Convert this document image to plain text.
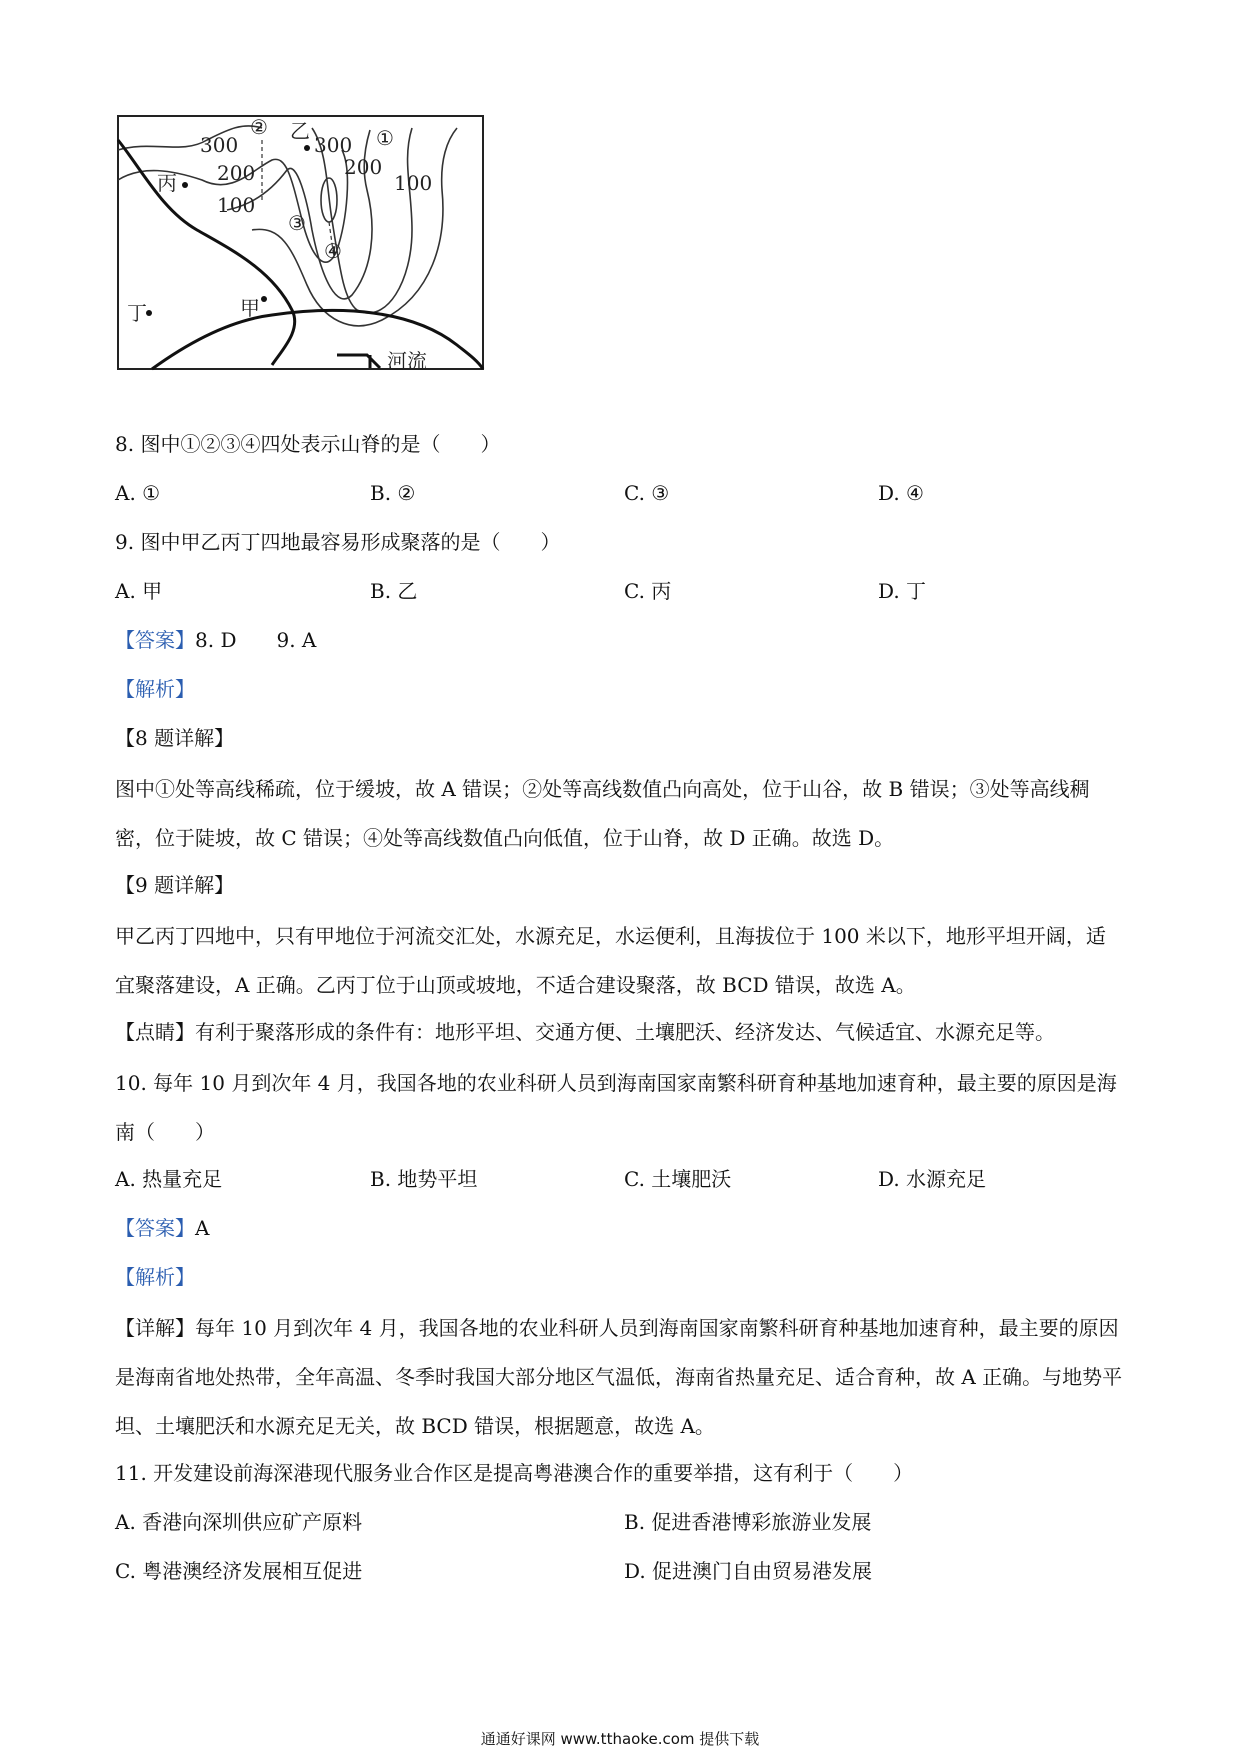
300	300
200	200
100
100
①
②
③
④
乙
丙
丁	甲
河流
8. 图中①②③④四处表示山脊的是（　　）
A. ①	B. ②	C. ③	D. ④
9. 图中甲乙丙丁四地最容易形成聚落的是（　　）
A. 甲	B. 乙	C. 丙	D. 丁
【答案】8. D　　9. A
【解析】
【8 题详解】
图中①处等高线稀疏，位于缓坡，故 A 错误；②处等高线数值凸向高处，位于山谷，故 B 错误；③处等高线稠密，位于陡坡，故 C 错误；④处等高线数值凸向低值，位于山脊，故 D 正确。故选 D。
【9 题详解】
甲乙丙丁四地中，只有甲地位于河流交汇处，水源充足，水运便利，且海拔位于 100 米以下，地形平坦开阔，适宜聚落建设，A 正确。乙丙丁位于山顶或坡地，不适合建设聚落，故 BCD 错误，故选 A。
【点睛】有利于聚落形成的条件有：地形平坦、交通方便、土壤肥沃、经济发达、气候适宜、水源充足等。
10. 每年 10 月到次年 4 月，我国各地的农业科研人员到海南国家南繁科研育种基地加速育种，最主要的原因是海南（　　）
A. 热量充足	B. 地势平坦	C. 土壤肥沃	D. 水源充足
【答案】A
【解析】
【详解】每年 10 月到次年 4 月，我国各地的农业科研人员到海南国家南繁科研育种基地加速育种，最主要的原因是海南省地处热带，全年高温、冬季时我国大部分地区气温低，海南省热量充足、适合育种，故 A 正确。与地势平坦、土壤肥沃和水源充足无关，故 BCD 错误，根据题意，故选 A。
11. 开发建设前海深港现代服务业合作区是提高粤港澳合作的重要举措，这有利于（　　）
A. 香港向深圳供应矿产原料	B. 促进香港博彩旅游业发展
C. 粤港澳经济发展相互促进	D. 促进澳门自由贸易港发展
通通好课网 www.tthaoke.com 提供下载
